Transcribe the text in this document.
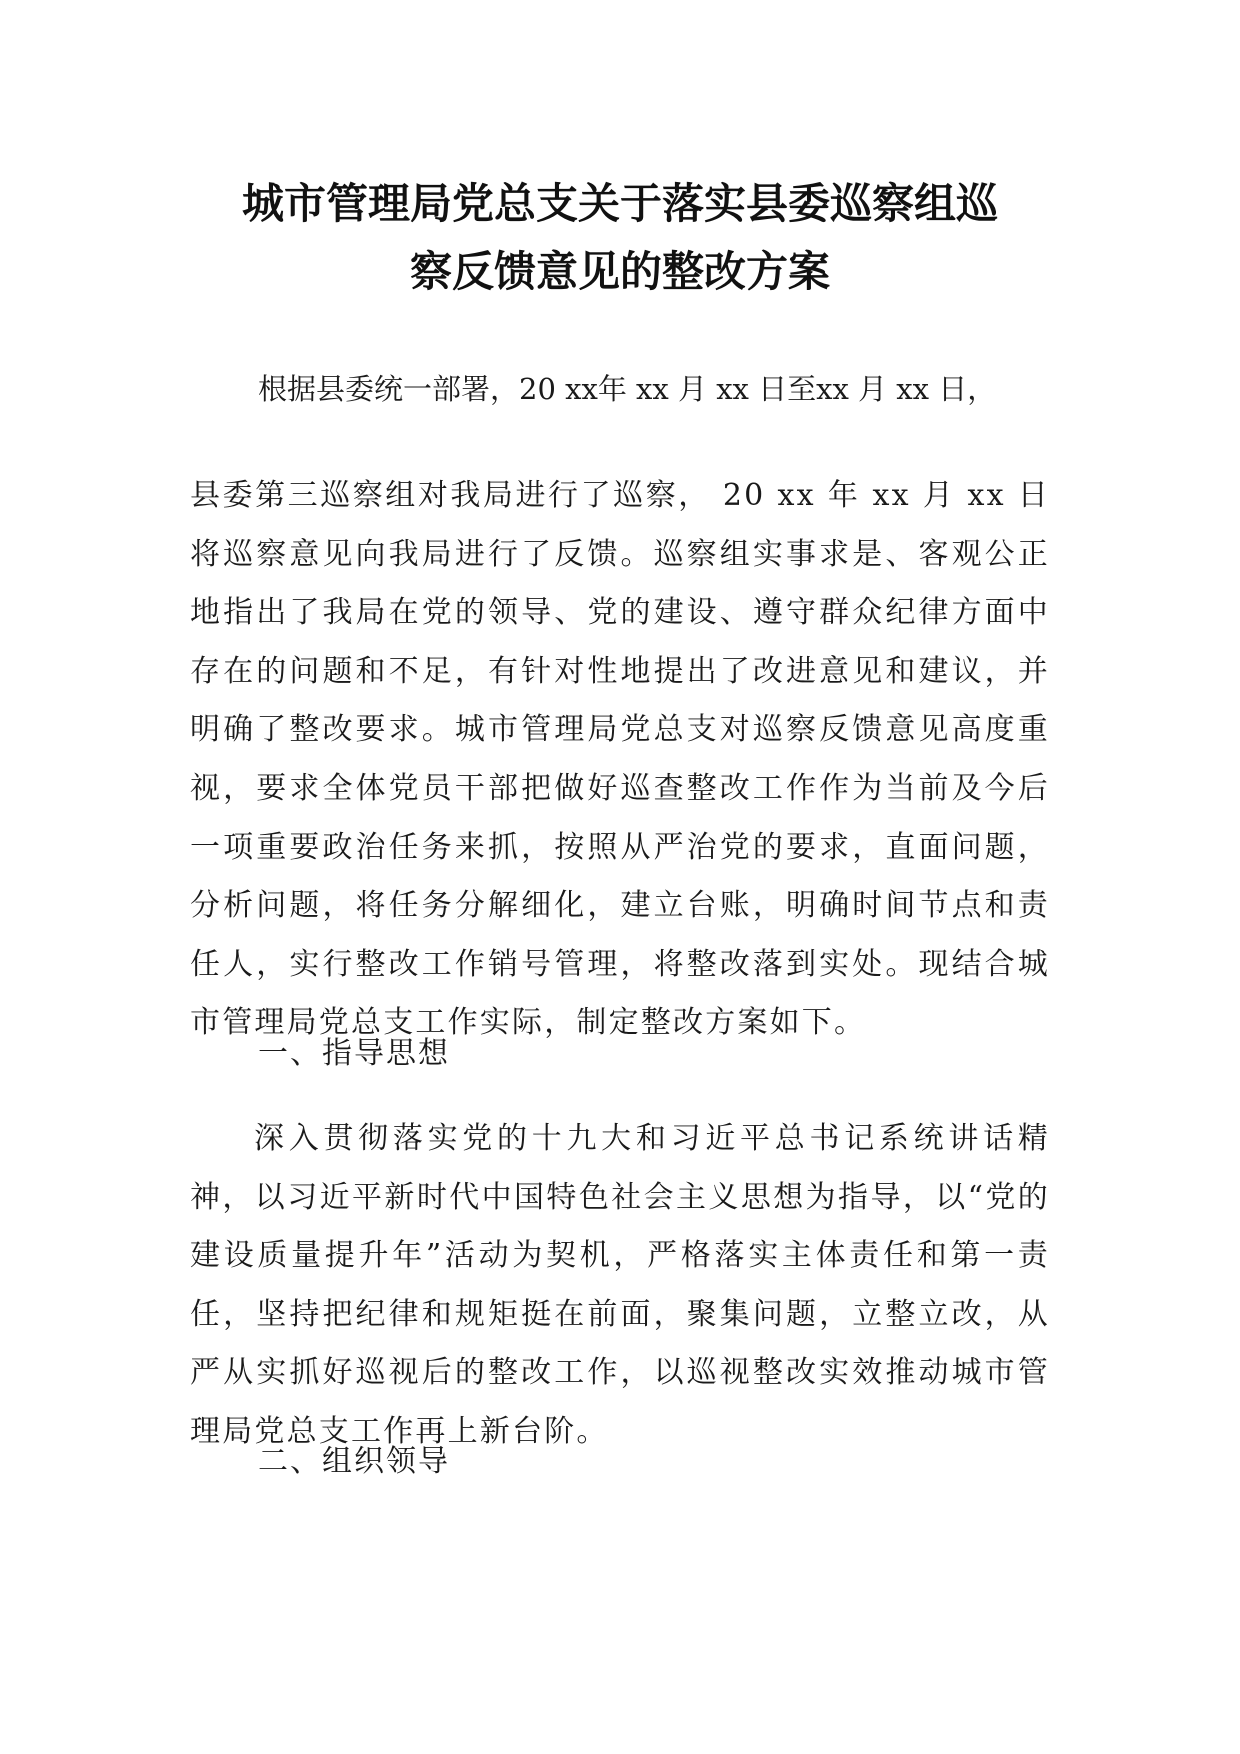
城市管理局党总支关于落实县委巡察组巡
察反馈意见的整改方案

根据县委统一部署，20 xx年 xx 月 xx 日至xx 月 xx 日，

县委第三巡察组对我局进行了巡察， 20 xx 年 xx 月 xx 日将巡察意见向我局进行了反馈。巡察组实事求是、客观公正地指出了我局在党的领导、党的建设、遵守群众纪律方面中存在的问题和不足，有针对性地提出了改进意见和建议，并明确了整改要求。城市管理局党总支对巡察反馈意见高度重视，要求全体党员干部把做好巡查整改工作作为当前及今后一项重要政治任务来抓，按照从严治党的要求，直面问题，分析问题，将任务分解细化，建立台账，明确时间节点和责任人，实行整改工作销号管理，将整改落到实处。现结合城市管理局党总支工作实际，制定整改方案如下。

一、指导思想

深入贯彻落实党的十九大和习近平总书记系统讲话精神，以习近平新时代中国特色社会主义思想为指导，以“党的建设质量提升年”活动为契机，严格落实主体责任和第一责任，坚持把纪律和规矩挺在前面，聚集问题，立整立改，从严从实抓好巡视后的整改工作，以巡视整改实效推动城市管理局党总支工作再上新台阶。

二、组织领导
